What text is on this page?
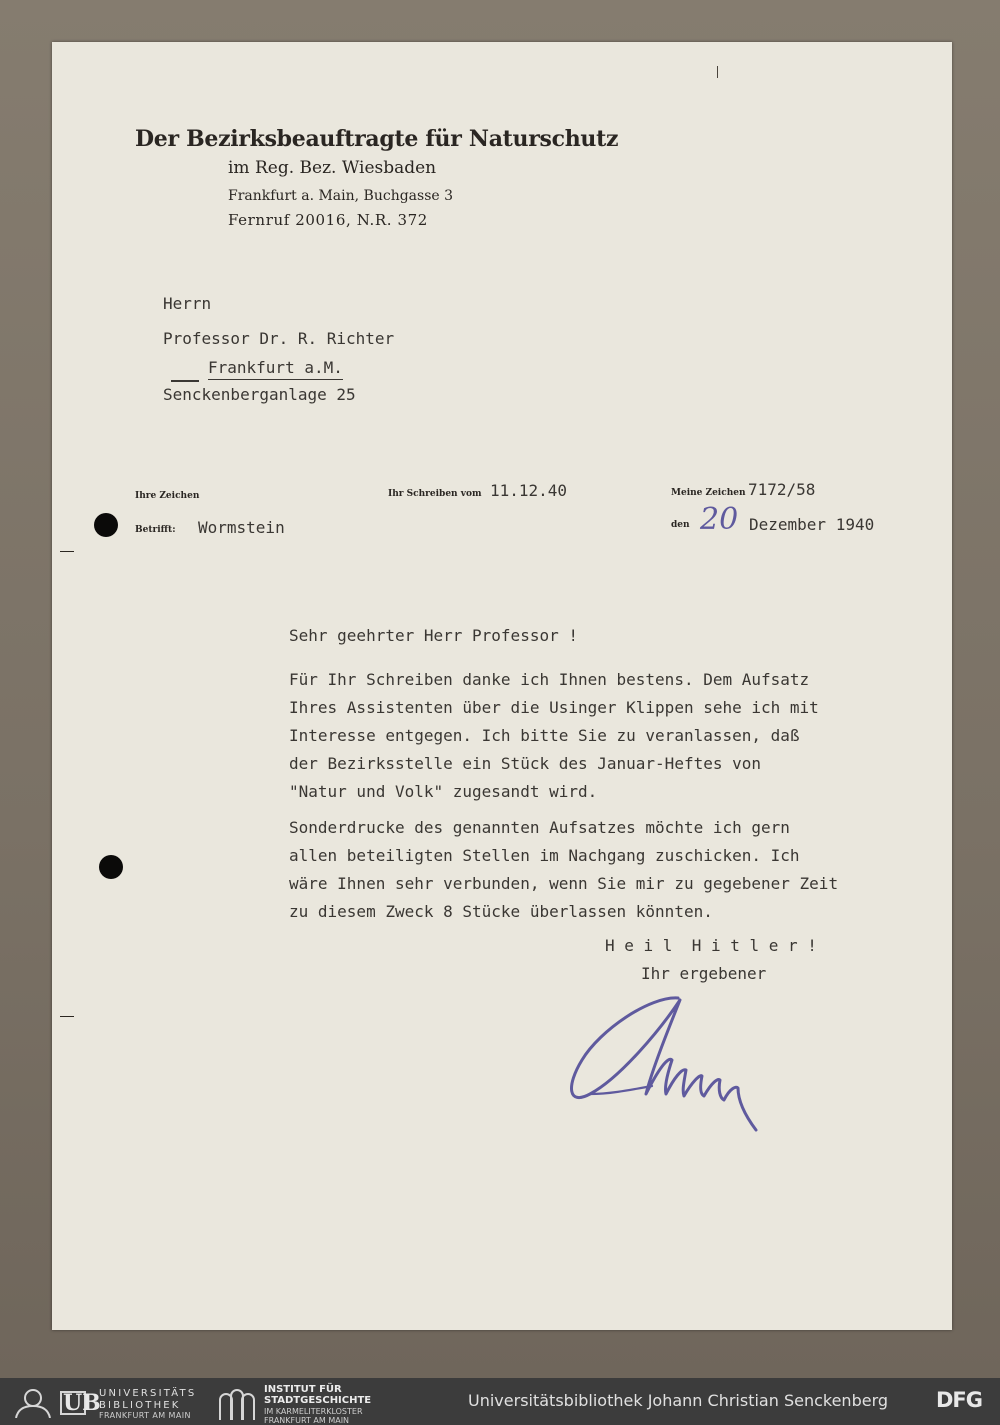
Der Bezirksbeauftragte für Naturschutz
im Reg. Bez. Wiesbaden
Frankfurt a. Main, Buchgasse 3
Fernruf 20016, N.R. 372
Herrn
Professor Dr. R. Richter
Frankfurt a.M.
Senckenberganlage 25
Ihre Zeichen	Ihr Schreiben vom 11.12.40	Meine Zeichen 7172/58
Betrifft: Wormstein	den 20 Dezember 1940
Sehr geehrter Herr Professor !
Für Ihr Schreiben danke ich Ihnen bestens. Dem Aufsatz
Ihres Assistenten über die Usinger Klippen sehe ich mit
Interesse entgegen. Ich bitte Sie zu veranlassen, daß
der Bezirksstelle ein Stück des Januar-Heftes von
"Natur und Volk" zugesandt wird.
Sonderdrucke des genannten Aufsatzes möchte ich gern
allen beteiligten Stellen im Nachgang zuschicken. Ich
wäre Ihnen sehr verbunden, wenn Sie mir zu gegebener Zeit
zu diesem Zweck 8 Stücke überlassen könnten.
H e i l  H i t l e r !
Ihr ergebener
UB
UNIVERSITÄTS
BIBLIOTHEK
FRANKFURT AM MAIN
INSTITUT FÜR
STADTGESCHICHTE
IM KARMELITERKLOSTER
FRANKFURT AM MAIN
Universitätsbibliothek Johann Christian Senckenberg DFG
